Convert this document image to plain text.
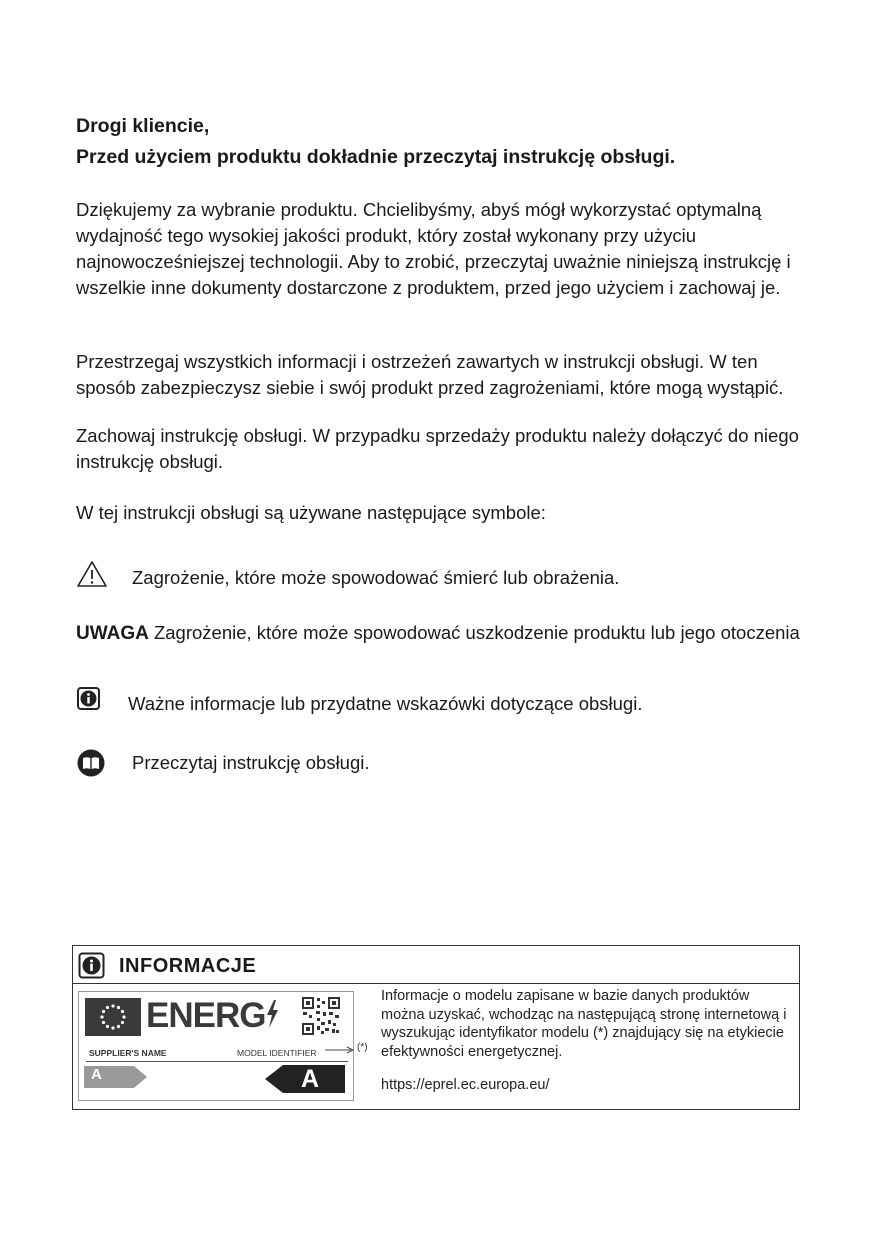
Drogi kliencie,
Przed użyciem produktu dokładnie przeczytaj instrukcję obsługi.
Dziękujemy za wybranie produktu. Chcielibyśmy, abyś mógł wykorzystać optymalną wydajność tego wysokiej jakości produkt, który został wykonany przy użyciu najnowocześniejszej technologii. Aby to zrobić, przeczytaj uważnie niniejszą instrukcję i wszelkie inne dokumenty dostarczone z produktem, przed jego użyciem i zachowaj je.
Przestrzegaj wszystkich informacji i ostrzeżeń zawartych w instrukcji obsługi. W ten sposób zabezpieczysz siebie i swój produkt przed zagrożeniami, które mogą wystąpić.
Zachowaj instrukcję obsługi. W przypadku sprzedaży produktu należy dołączyć do niego instrukcję obsługi.
W tej instrukcji obsługi są używane następujące symbole:
Zagrożenie, które może spowodować śmierć lub obrażenia.
UWAGA Zagrożenie, które może spowodować uszkodzenie produktu lub jego otoczenia
Ważne informacje lub przydatne wskazówki dotyczące obsługi.
Przeczytaj instrukcję obsługi.
INFORMACJE
ENERG
SUPPLIER'S NAME	MODEL IDENTIFIER
A	A
(*)
Informacje o modelu zapisane w bazie danych produktów można uzyskać, wchodząc na następującą stronę internetową i wyszukując identyfikator modelu (*) znajdujący się na etykiecie efektywności energetycznej.
https://eprel.ec.europa.eu/
